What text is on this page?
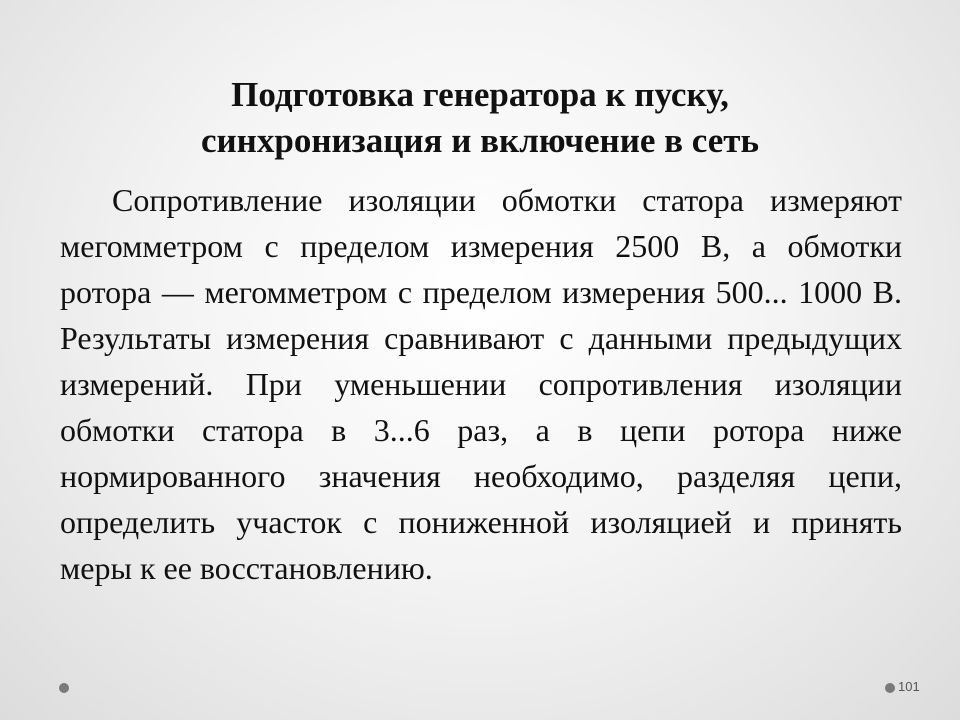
Подготовка генератора к пуску,
синхронизация и включение в сеть

Сопротивление изоляции обмотки статора измеряют мегомметром с пределом измерения 2500 В, а обмотки ротора — мегомметром с пределом измерения 500... 1000 В. Результаты измерения сравнивают с данными предыдущих измерений. При уменьшении сопротивления изоляции обмотки статора в 3...6 раз, а в цепи ротора ниже нормированного значения необходимо, разделяя цепи, определить участок с пониженной изоляцией и принять меры к ее восстановлению.

101
